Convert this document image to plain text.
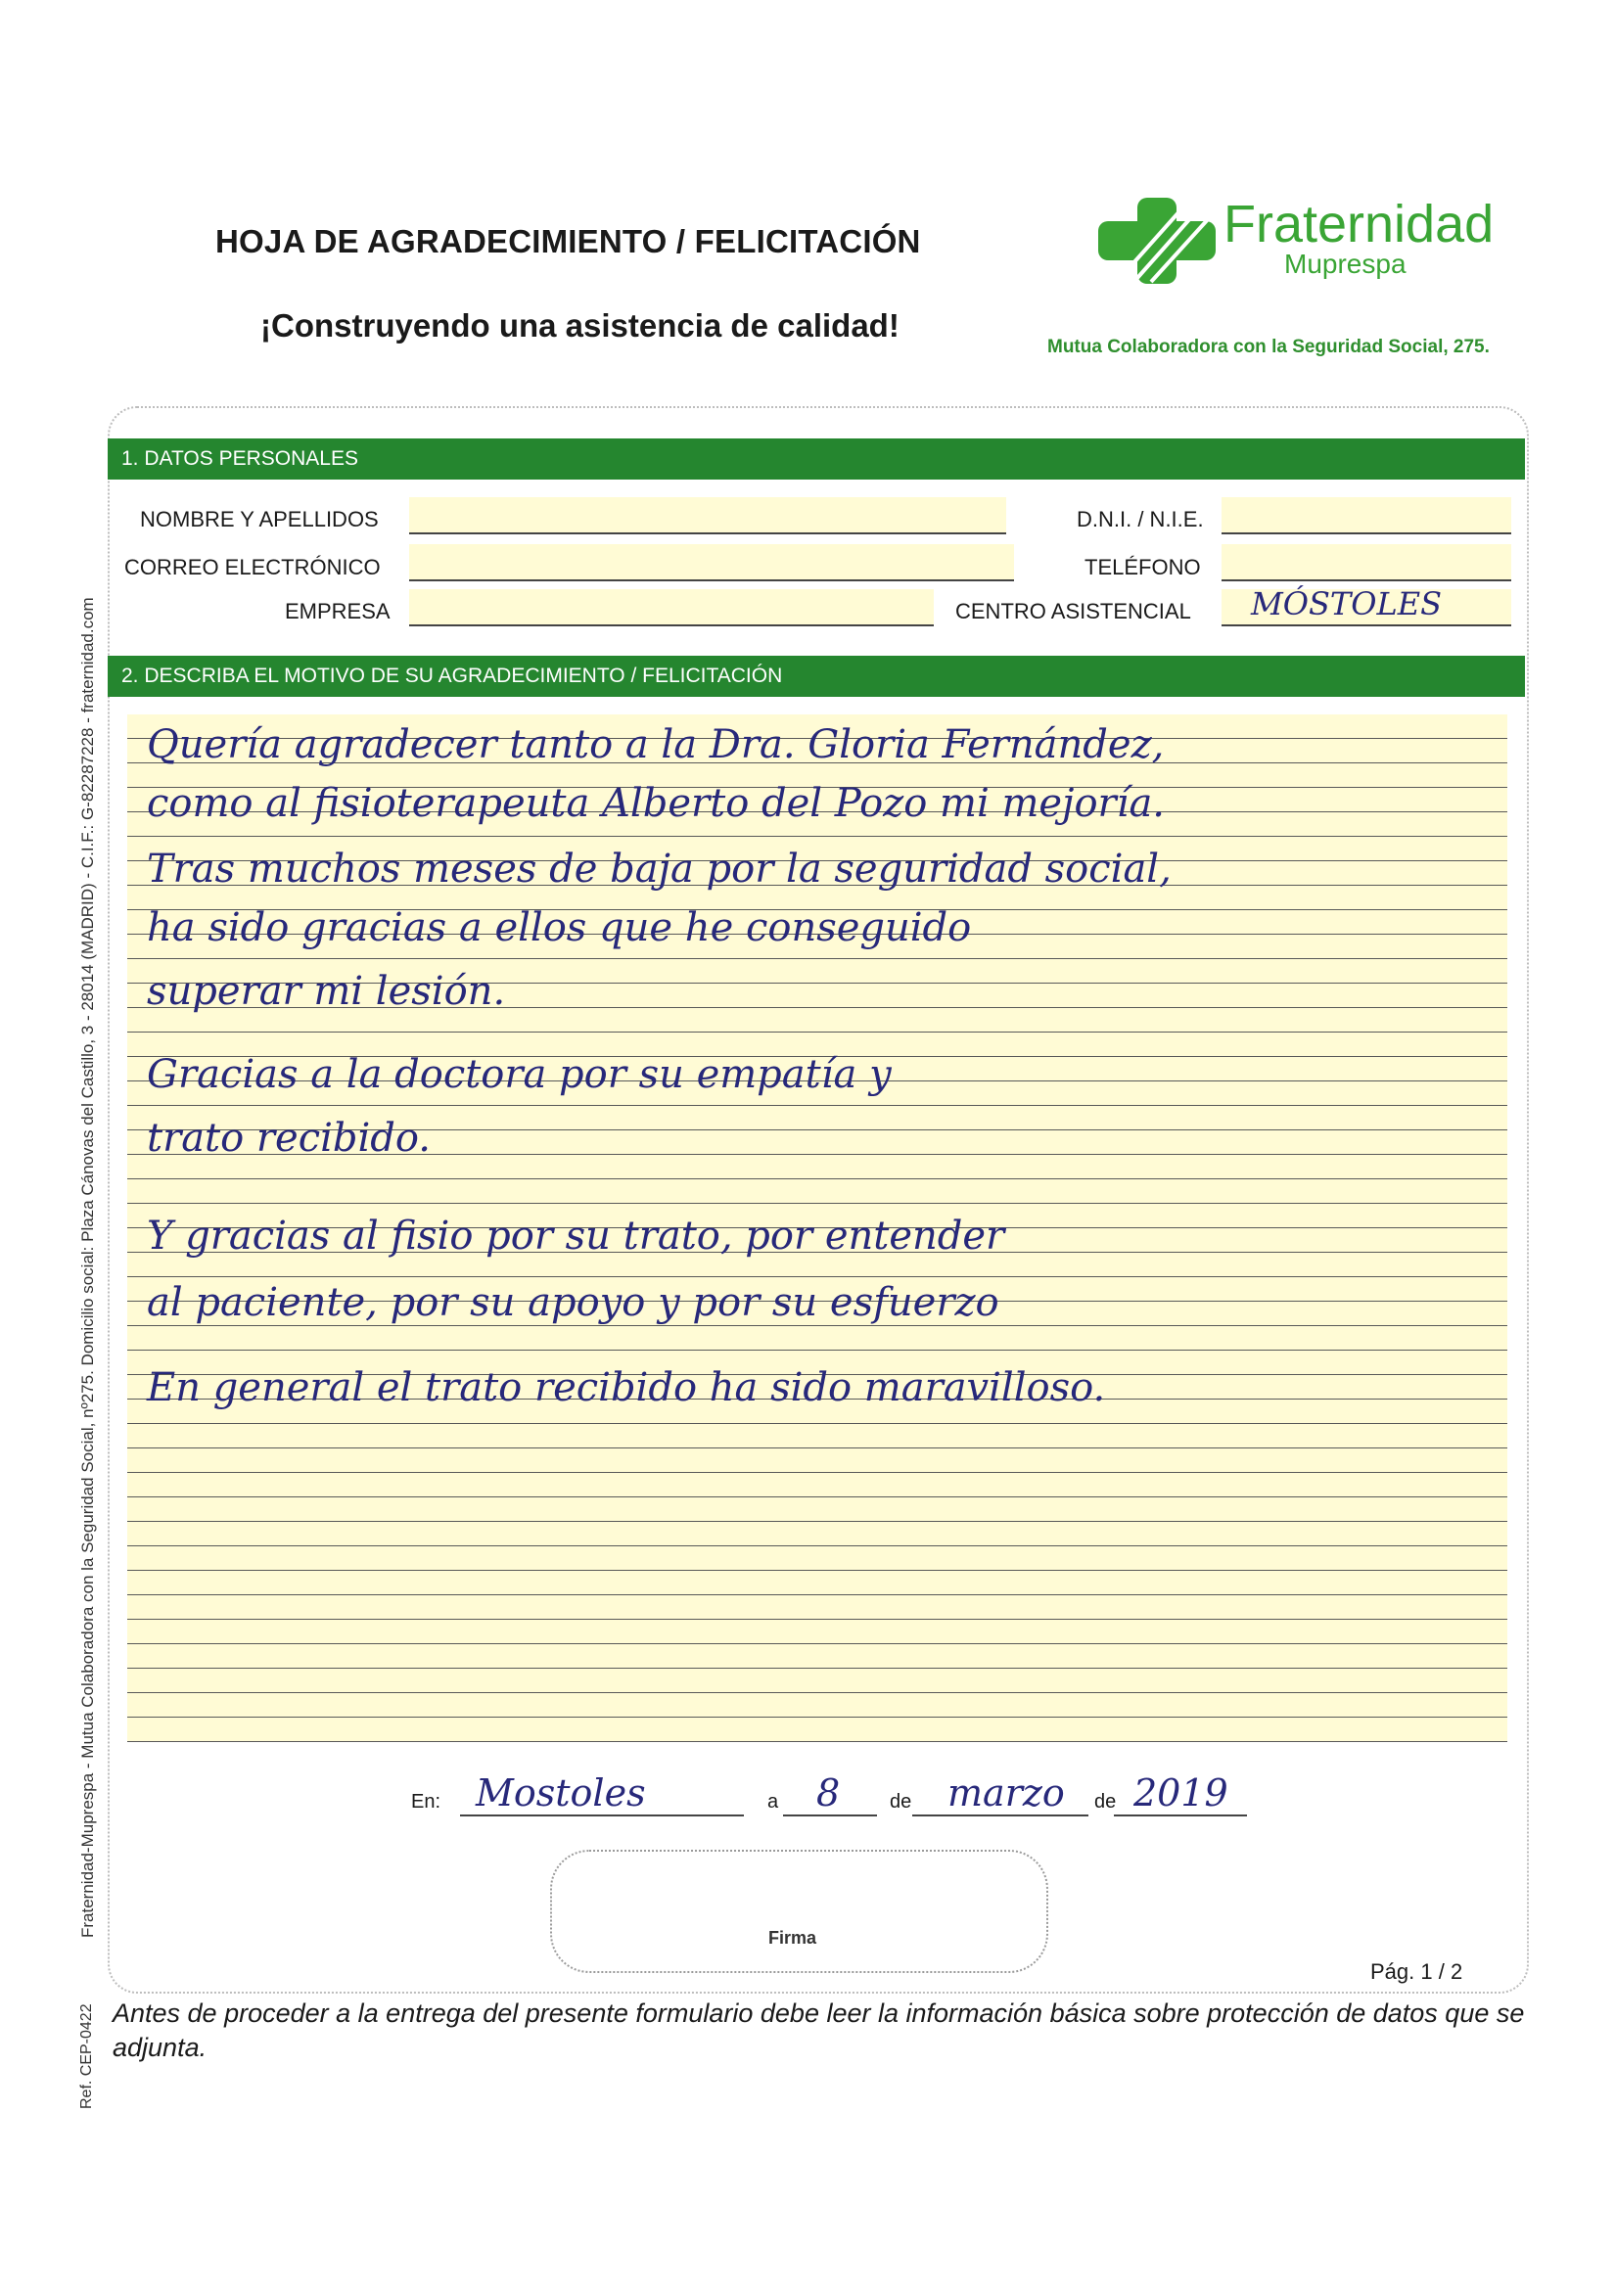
HOJA DE AGRADECIMIENTO / FELICITACIÓN
¡Construyendo una asistencia de calidad!
Fraternidad
Muprespa
Mutua Colaboradora con la Seguridad Social, 275.
1. DATOS PERSONALES
NOMBRE Y APELLIDOS	D.N.I. / N.I.E.
CORREO ELECTRÓNICO	TELÉFONO
EMPRESA	CENTRO ASISTENCIAL MÓSTOLES
2. DESCRIBA EL MOTIVO DE SU AGRADECIMIENTO / FELICITACIÓN
Quería agradecer tanto a la Dra. Gloria Fernández,
como al fisioterapeuta Alberto del Pozo mi mejoría.
Tras muchos meses de baja por la seguridad social,
ha sido gracias a ellos que he conseguido
superar mi lesión.
Gracias a la doctora por su empatía y
trato recibido.
Y gracias al fisio por su trato, por entender
al paciente, por su apoyo y por su esfuerzo
En general el trato recibido ha sido maravilloso.
En: Mostoles	a 8	de marzo de 2019
Firma
Pág. 1 / 2
Fraternidad-Muprespa - Mutua Colaboradora con la Seguridad Social, nº275. Domicilio social: Plaza Cánovas del Castillo, 3 - 28014 (MADRID) - C.I.F.: G-82287228 - fraternidad.com
Ref. CEP-0422 Antes de proceder a la entrega del presente formulario debe leer la información básica sobre protección de datos que se adjunta.
